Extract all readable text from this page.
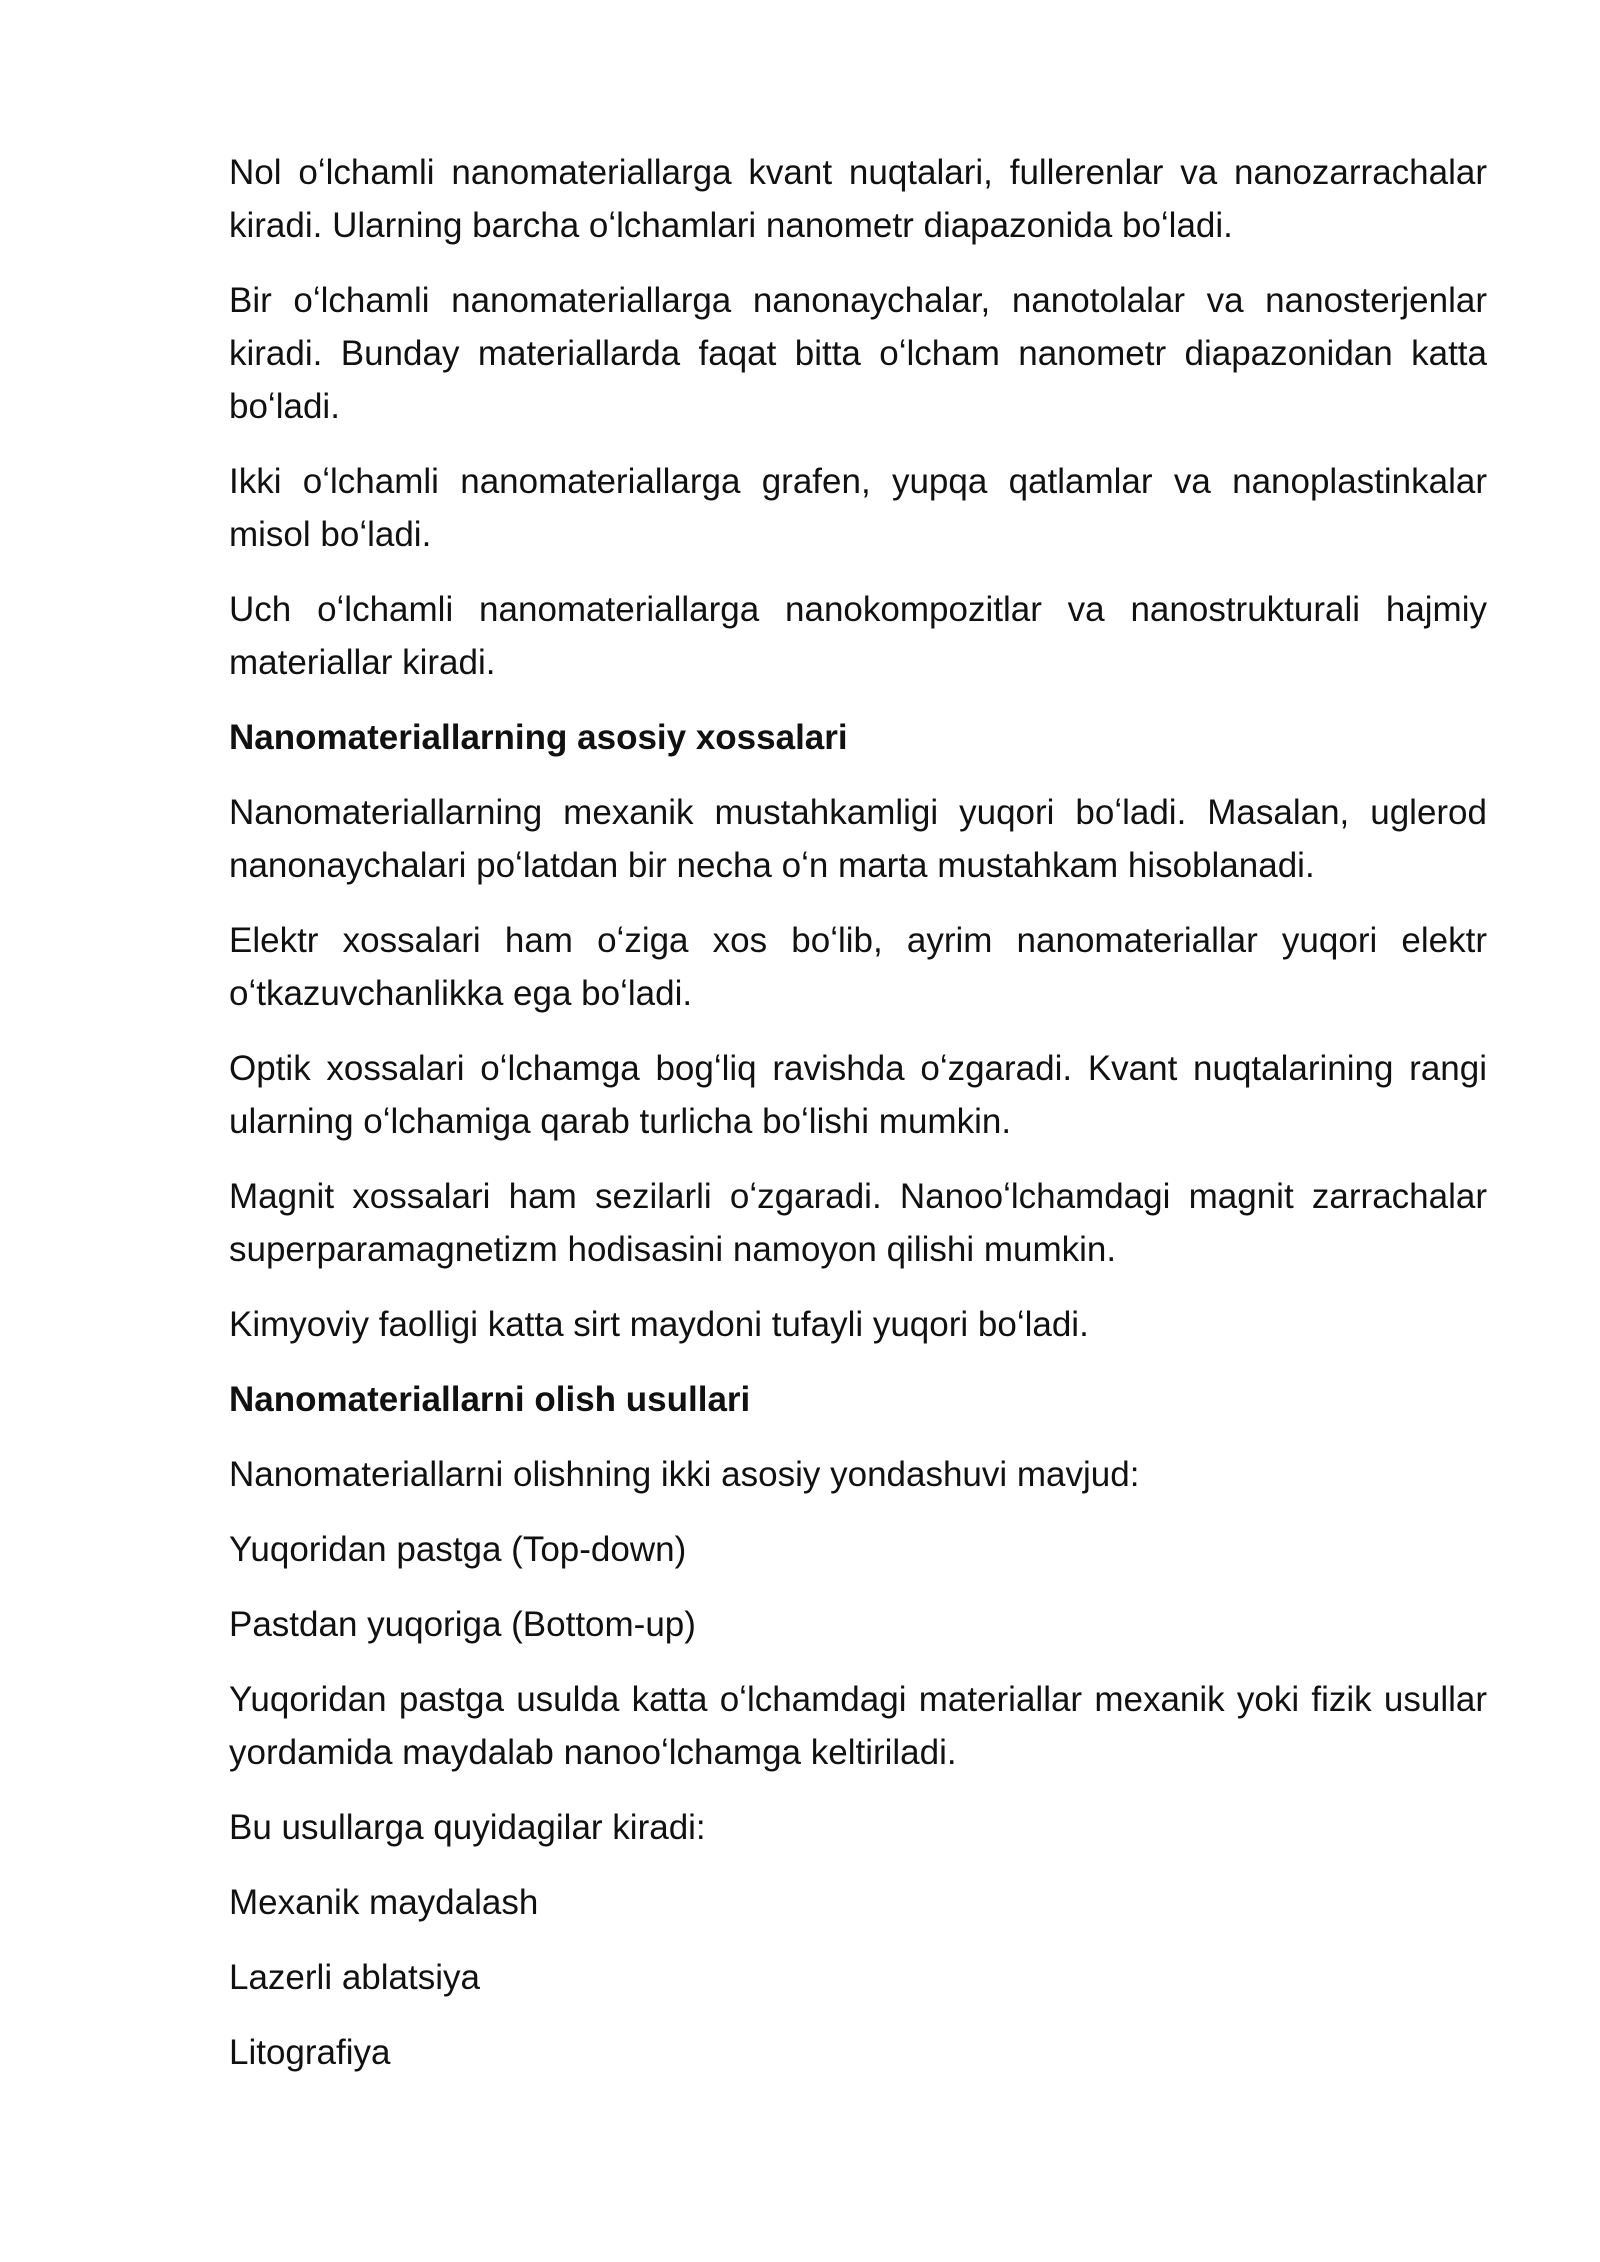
Nol oʻlchamli nanomateriallarga kvant nuqtalari, fullerenlar va nanozarrachalar kiradi. Ularning barcha oʻlchamlari nanometr diapazonida boʻladi.

Bir oʻlchamli nanomateriallarga nanonaychalar, nanotolalar va nanosterjenlar kiradi. Bunday materiallarda faqat bitta oʻlcham nanometr diapazonidan katta boʻladi.

Ikki oʻlchamli nanomateriallarga grafen, yupqa qatlamlar va nanoplastinkalar misol boʻladi.

Uch oʻlchamli nanomateriallarga nanokompozitlar va nanostrukturali hajmiy materiallar kiradi.

Nanomateriallarning asosiy xossalari

Nanomateriallarning mexanik mustahkamligi yuqori boʻladi. Masalan, uglerod nanonaychalari poʻlatdan bir necha oʻn marta mustahkam hisoblanadi.

Elektr xossalari ham oʻziga xos boʻlib, ayrim nanomateriallar yuqori elektr oʻtkazuvchanlikka ega boʻladi.

Optik xossalari oʻlchamga bogʻliq ravishda oʻzgaradi. Kvant nuqtalarining rangi ularning oʻlchamiga qarab turlicha boʻlishi mumkin.

Magnit xossalari ham sezilarli oʻzgaradi. Nanooʻlchamdagi magnit zarrachalar superparamagnetizm hodisasini namoyon qilishi mumkin.

Kimyoviy faolligi katta sirt maydoni tufayli yuqori boʻladi.

Nanomateriallarni olish usullari

Nanomateriallarni olishning ikki asosiy yondashuvi mavjud:

Yuqoridan pastga (Top-down)

Pastdan yuqoriga (Bottom-up)

Yuqoridan pastga usulda katta oʻlchamdagi materiallar mexanik yoki fizik usullar yordamida maydalab nanooʻlchamga keltiriladi.

Bu usullarga quyidagilar kiradi:

Mexanik maydalash

Lazerli ablatsiya

Litografiya
